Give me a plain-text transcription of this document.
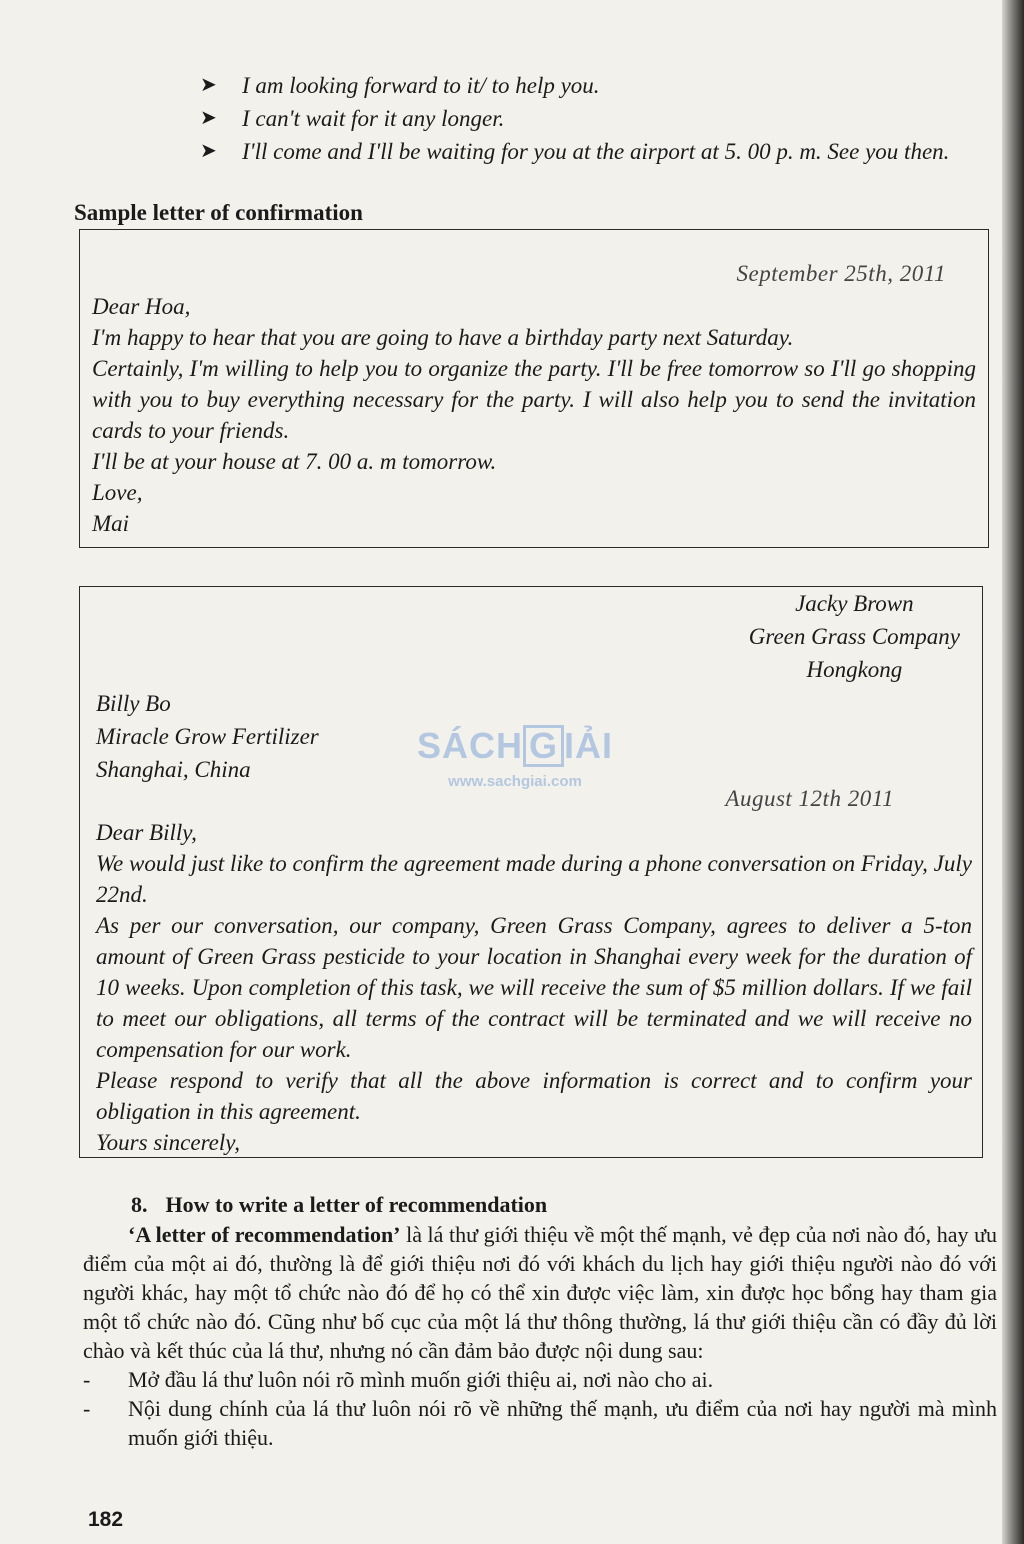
➤	I am looking forward to it/ to help you.
➤	I can't wait for it any longer.
➤	I'll come and I'll be waiting for you at the airport at 5. 00 p. m. See you then.
Sample letter of confirmation
September 25th, 2011

Dear Hoa,

I'm happy to hear that you are going to have a birthday party next Saturday.

Certainly, I'm willing to help you to organize the party. I'll be free tomorrow so I'll go shopping with you to buy everything necessary for the party. I will also help you to send the invitation cards to your friends.

I'll be at your house at 7. 00 a. m tomorrow.

Love,

Mai

Jacky Brown
Green Grass Company
Hongkong
Billy Bo
Miracle Grow Fertilizer
Shanghai, China
August 12th 2011

Dear Billy,

We would just like to confirm the agreement made during a phone conversation on Friday, July 22nd.

As per our conversation, our company, Green Grass Company, agrees to deliver a 5-ton amount of Green Grass pesticide to your location in Shanghai every week for the duration of 10 weeks. Upon completion of this task, we will receive the sum of $5 million dollars. If we fail to meet our obligations, all terms of the contract will be terminated and we will receive no compensation for our work.

Please respond to verify that all the above information is correct and to confirm your obligation in this agreement.

Yours sincerely,

SÁCH G IẢI
www.sachgiai.com
8. How to write a letter of recommendation

‘A letter of recommendation’ là lá thư giới thiệu về một thế mạnh, vẻ đẹp của nơi nào đó, hay ưu điểm của một ai đó, thường là để giới thiệu nơi đó với khách du lịch hay giới thiệu người nào đó với người khác, hay một tổ chức nào đó để họ có thể xin được việc làm, xin được học bổng hay tham gia một tổ chức nào đó. Cũng như bố cục của một lá thư thông thường, lá thư giới thiệu cần có đầy đủ lời chào và kết thúc của lá thư, nhưng nó cần đảm bảo được nội dung sau:

-	Mở đầu lá thư luôn nói rõ mình muốn giới thiệu ai, nơi nào cho ai.
-	Nội dung chính của lá thư luôn nói rõ về những thế mạnh, ưu điểm của nơi hay người mà mình muốn giới thiệu.
182
